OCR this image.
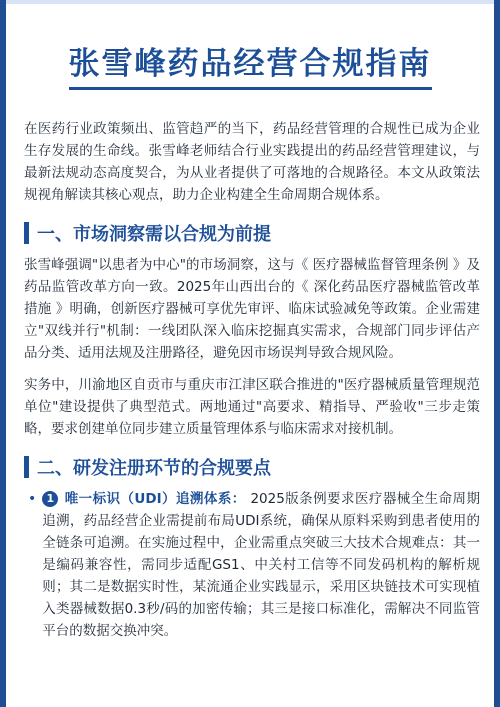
张雪峰药品经营合规指南

在医药行业政策频出、监管趋严的当下，药品经营管理的合规性已成为企业生存发展的生命线。张雪峰老师结合行业实践提出的药品经营管理建议，与最新法规动态高度契合，为从业者提供了可落地的合规路径。本文从政策法规视角解读其核心观点，助力企业构建全生命周期合规体系。

一、市场洞察需以合规为前提

张雪峰强调"以患者为中心"的市场洞察，这与《 医疗器械监督管理条例 》及药品监管改革方向一致。2025年山西出台的《 深化药品医疗器械监管改革措施 》明确，创新医疗器械可享优先审评、临床试验减免等政策。企业需建立"双线并行"机制：一线团队深入临床挖掘真实需求，合规部门同步评估产品分类、适用法规及注册路径，避免因市场误判导致合规风险。

实务中，川渝地区自贡市与重庆市江津区联合推进的"医疗器械质量管理规范单位"建设提供了典型范式。两地通过"高要求、精指导、严验收"三步走策略，要求创建单位同步建立质量管理体系与临床需求对接机制。

二、研发注册环节的合规要点
• 1 唯一标识（UDI）追溯体系： 2025版条例要求医疗器械全生命周期追溯，药品经营企业需提前布局UDI系统，确保从原料采购到患者使用的全链条可追溯。在实施过程中，企业需重点突破三大技术合规难点：其一是编码兼容性，需同步适配GS1、中关村工信等不同发码机构的解析规则；其二是数据实时性，某流通企业实践显示，采用区块链技术可实现植入类器械数据0.3秒/码的加密传输；其三是接口标准化，需解决不同监管平台的数据交换冲突。
